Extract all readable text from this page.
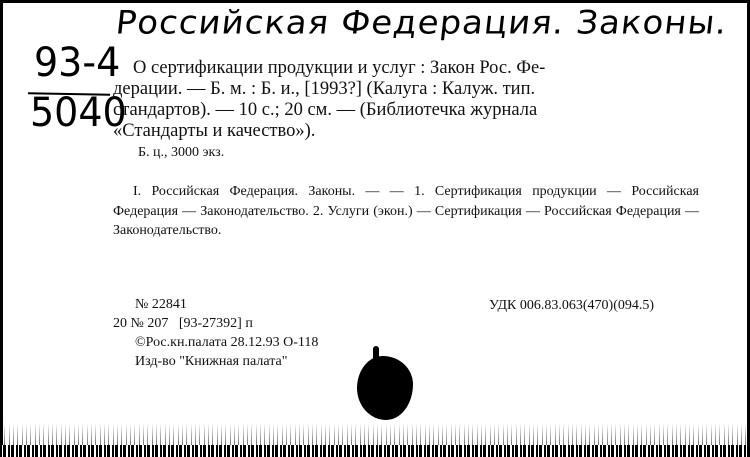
Российская Федерация. Законы.
93-4
5040
О сертификации продукции и услуг : Закон Рос. Фе-
дерации. — Б. м. : Б. и., [1993?] (Калуга : Калуж. тип.
стандартов). — 10 с.; 20 см. — (Библиотечка журнала
«Стандарты и качество»).
Б. ц., 3000 экз.
I. Российская Федерация. Законы. — — 1. Сертификация продукции — Российская Федерация — Законодательство. 2. Услуги (экон.) — Сертификация — Российская Федерация — Законодательство.
№ 22841
20 № 207   [93-27392] п
©Рос.кн.палата 28.12.93 О-118
Изд-во "Книжная палата"
УДК 006.83.063(470)(094.5)
